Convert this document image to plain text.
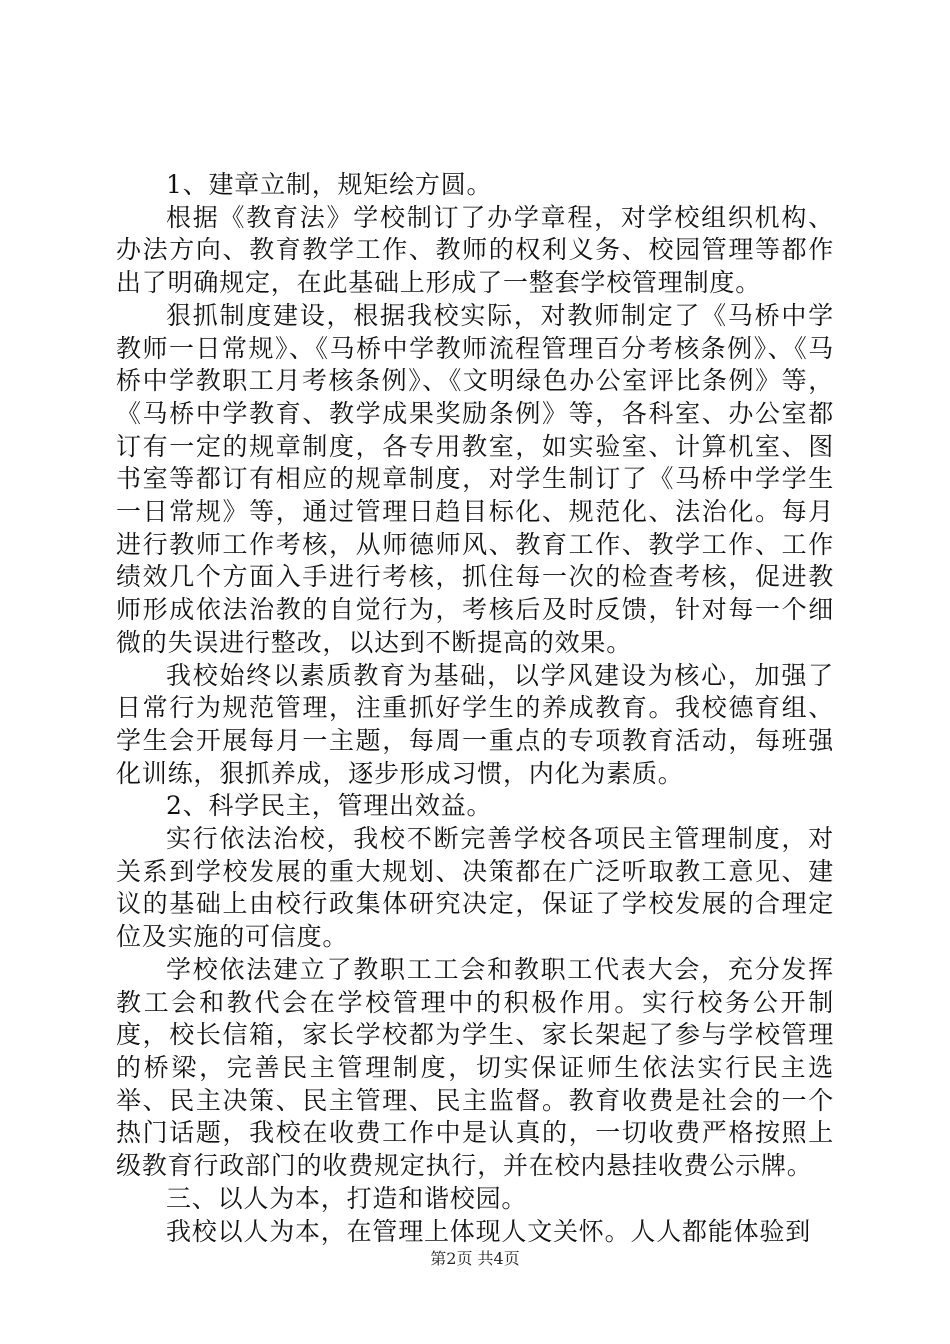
1、建章立制，规矩绘方圆。

根据《教育法》学校制订了办学章程，对学校组织机构、办法方向、教育教学工作、教师的权利义务、校园管理等都作出了明确规定，在此基础上形成了一整套学校管理制度。

狠抓制度建设，根据我校实际，对教师制定了《马桥中学教师一日常规》、《马桥中学教师流程管理百分考核条例》、《马桥中学教职工月考核条例》、《文明绿色办公室评比条例》等，《马桥中学教育、教学成果奖励条例》等，各科室、办公室都订有一定的规章制度，各专用教室，如实验室、计算机室、图书室等都订有相应的规章制度，对学生制订了《马桥中学学生一日常规》等，通过管理日趋目标化、规范化、法治化。每月进行教师工作考核，从师德师风、教育工作、教学工作、工作绩效几个方面入手进行考核，抓住每一次的检查考核，促进教师形成依法治教的自觉行为，考核后及时反馈，针对每一个细微的失误进行整改，以达到不断提高的效果。

我校始终以素质教育为基础，以学风建设为核心，加强了日常行为规范管理，注重抓好学生的养成教育。我校德育组、学生会开展每月一主题，每周一重点的专项教育活动，每班强化训练，狠抓养成，逐步形成习惯，内化为素质。

2、科学民主，管理出效益。

实行依法治校，我校不断完善学校各项民主管理制度，对关系到学校发展的重大规划、决策都在广泛听取教工意见、建议的基础上由校行政集体研究决定，保证了学校发展的合理定位及实施的可信度。

学校依法建立了教职工工会和教职工代表大会，充分发挥教工会和教代会在学校管理中的积极作用。实行校务公开制度，校长信箱，家长学校都为学生、家长架起了参与学校管理的桥梁，完善民主管理制度，切实保证师生依法实行民主选举、民主决策、民主管理、民主监督。教育收费是社会的一个热门话题，我校在收费工作中是认真的，一切收费严格按照上级教育行政部门的收费规定执行，并在校内悬挂收费公示牌。

三、以人为本，打造和谐校园。

我校以人为本，在管理上体现人文关怀。人人都能体验到

第2页 共4页
